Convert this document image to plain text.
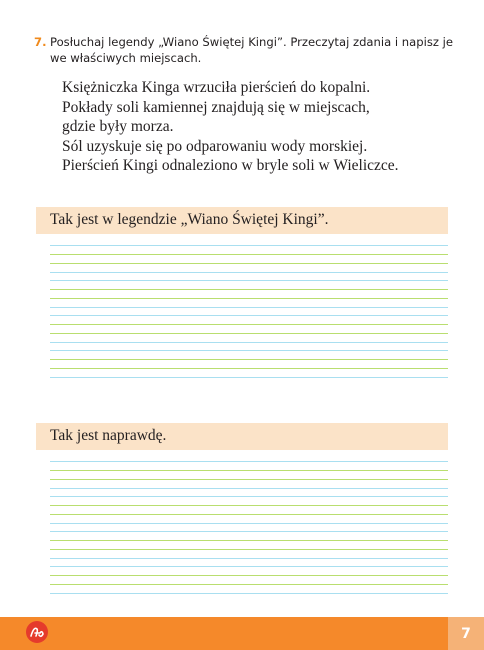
7. Posłuchaj legendy „Wiano Świętej Kingi”. Przeczytaj zdania i napisz je we właściwych miejscach.
Księżniczka Kinga wrzuciła pierścień do kopalni.
Pokłady soli kamiennej znajdują się w miejscach,
gdzie były morza.
Sól uzyskuje się po odparowaniu wody morskiej.
Pierścień Kingi odnaleziono w bryle soli w Wieliczce.
Tak jest w legendzie „Wiano Świętej Kingi”.
Tak jest naprawdę.
7
